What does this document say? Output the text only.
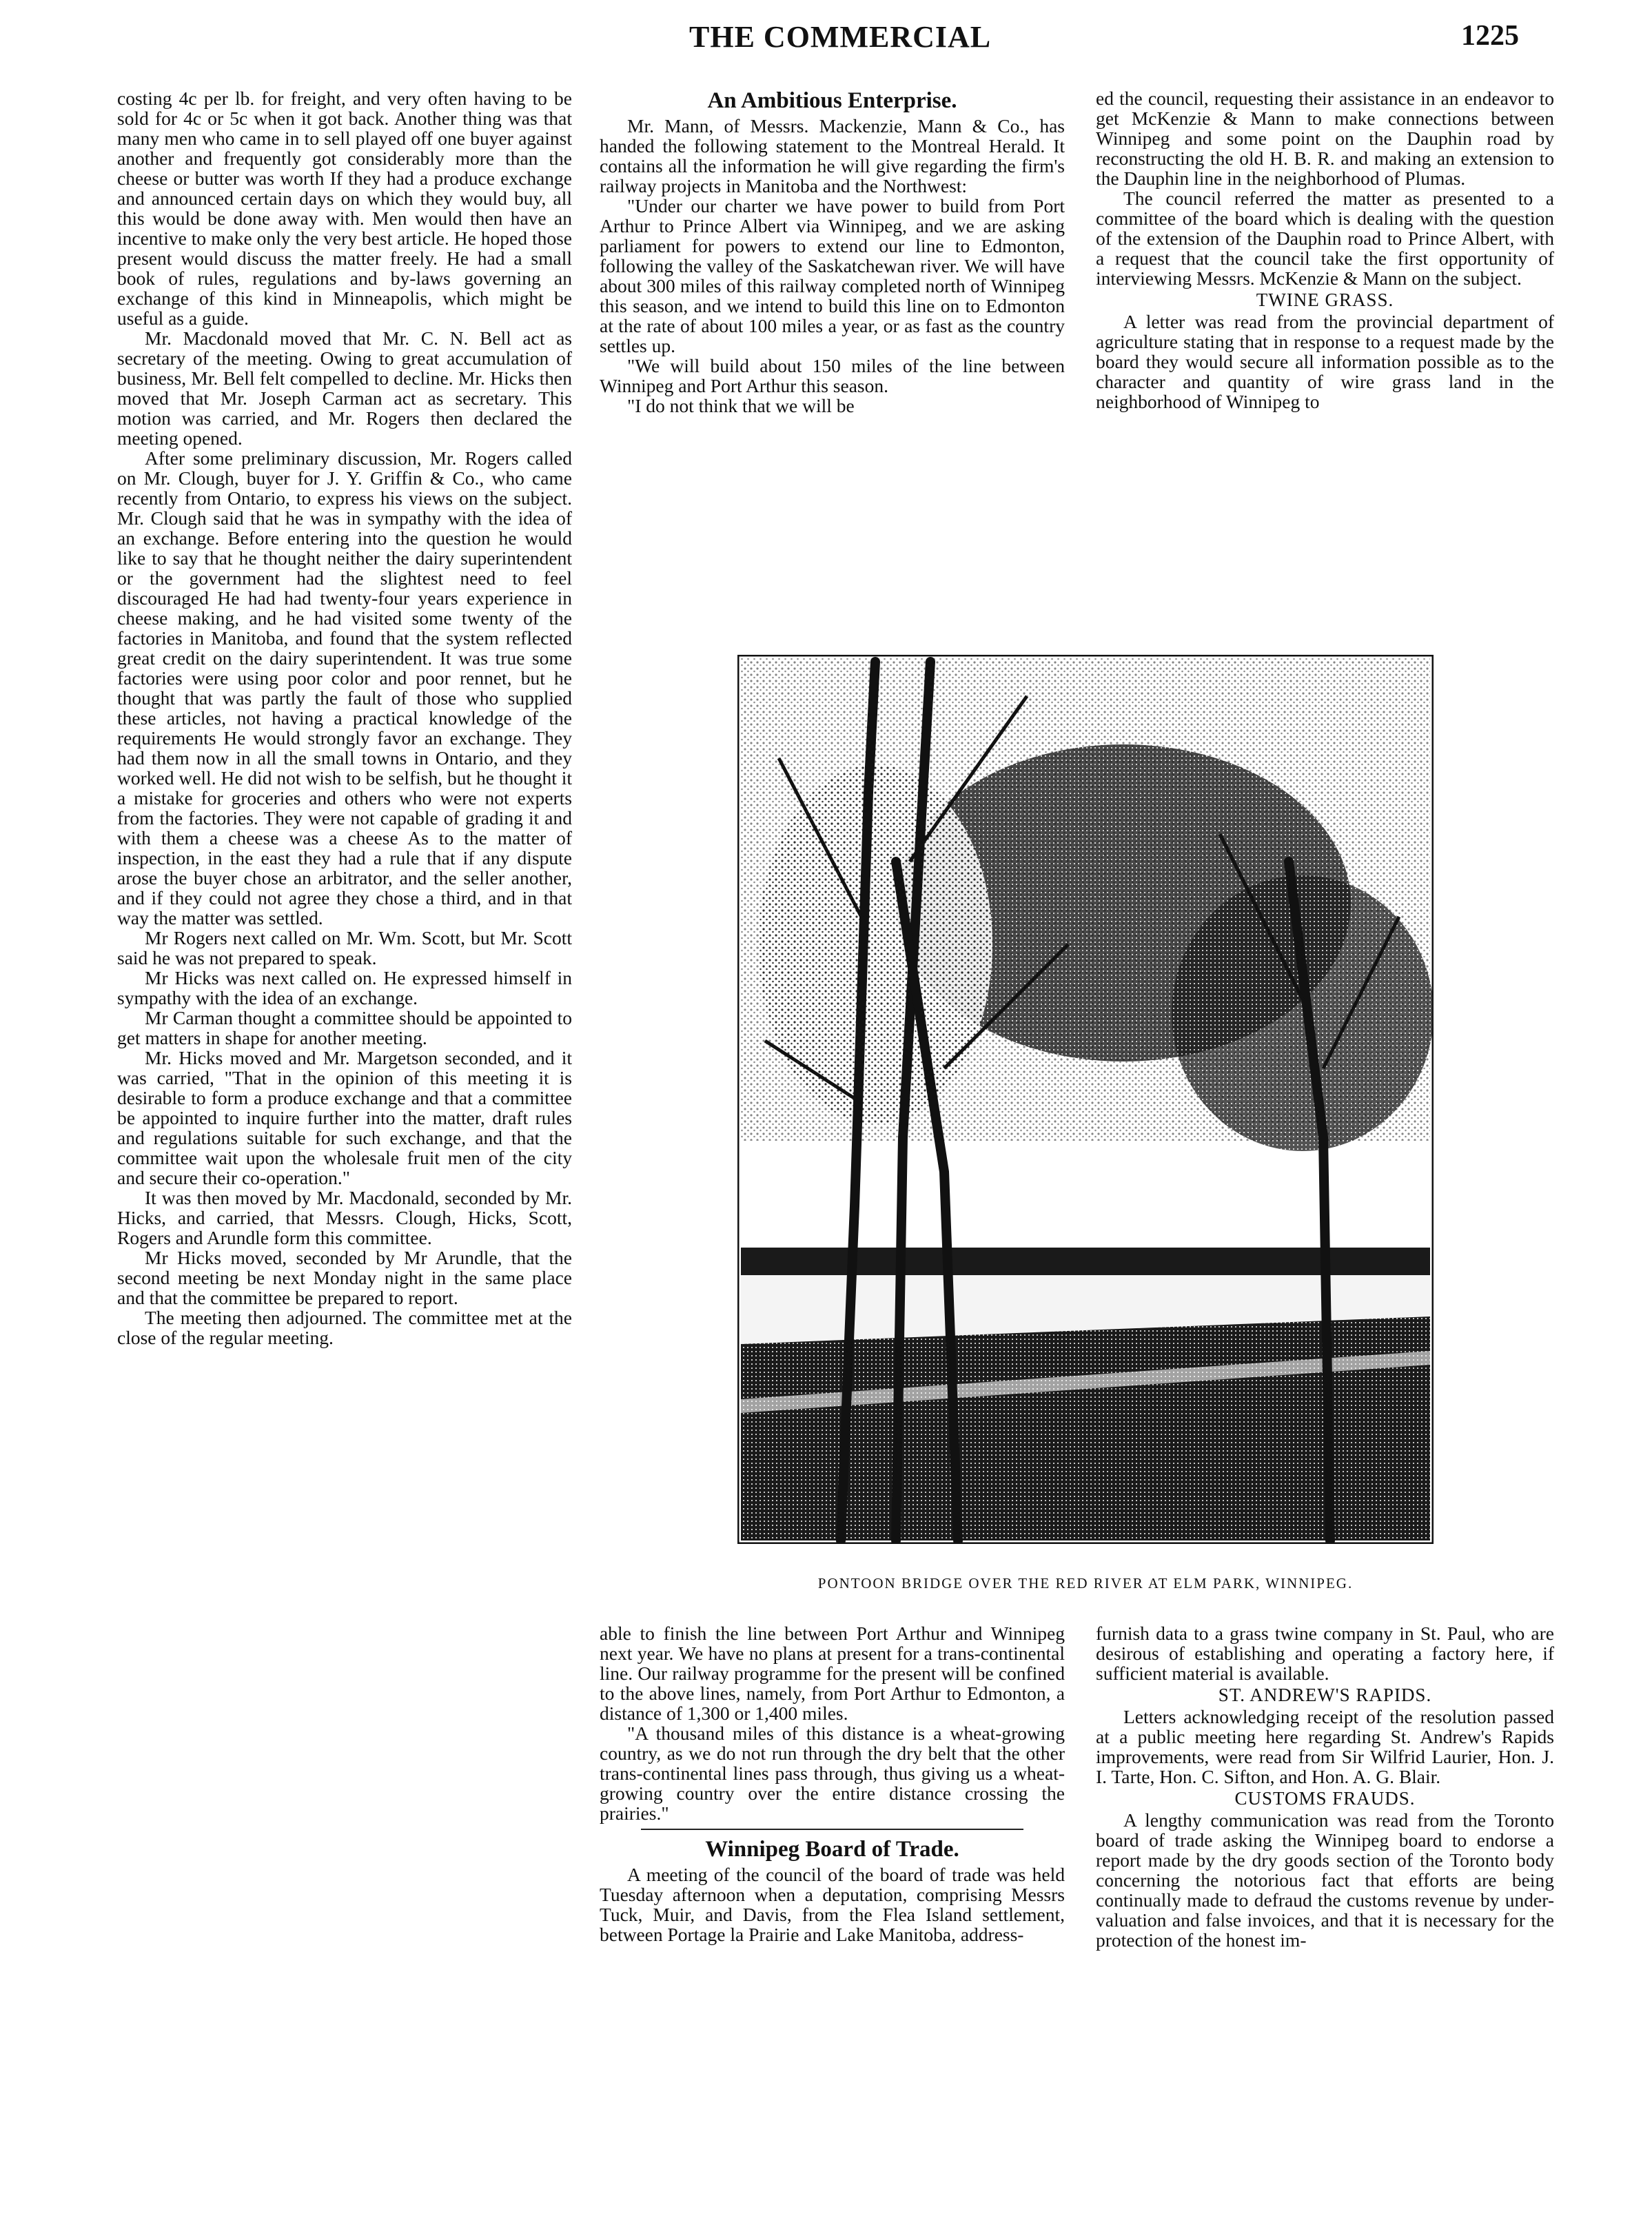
THE COMMERCIAL	1225

costing 4c per lb. for freight, and very often having to be sold for 4c or 5c when it got back. Another thing was that many men who came in to sell played off one buyer against another and frequently got considerably more than the cheese or butter was worth If they had a produce exchange and announced certain days on which they would buy, all this would be done away with. Men would then have an incentive to make only the very best article. He hoped those present would discuss the matter freely. He had a small book of rules, regulations and by-laws governing an exchange of this kind in Minneapolis, which might be useful as a guide.

Mr. Macdonald moved that Mr. C. N. Bell act as secretary of the meeting. Owing to great accumulation of business, Mr. Bell felt compelled to decline. Mr. Hicks then moved that Mr. Joseph Carman act as secretary. This motion was carried, and Mr. Rogers then declared the meeting opened.

After some preliminary discussion, Mr. Rogers called on Mr. Clough, buyer for J. Y. Griffin & Co., who came recently from Ontario, to express his views on the subject. Mr. Clough said that he was in sympathy with the idea of an exchange. Before entering into the question he would like to say that he thought neither the dairy superintendent or the government had the slightest need to feel discouraged He had had twenty-four years experience in cheese making, and he had visited some twenty of the factories in Manitoba, and found that the system reflected great credit on the dairy superintendent. It was true some factories were using poor color and poor rennet, but he thought that was partly the fault of those who supplied these articles, not having a practical knowledge of the requirements He would strongly favor an exchange. They had them now in all the small towns in Ontario, and they worked well. He did not wish to be selfish, but he thought it a mistake for groceries and others who were not experts from the factories. They were not capable of grading it and with them a cheese was a cheese As to the matter of inspection, in the east they had a rule that if any dispute arose the buyer chose an arbitrator, and the seller another, and if they could not agree they chose a third, and in that way the matter was settled.

Mr Rogers next called on Mr. Wm. Scott, but Mr. Scott said he was not prepared to speak.

Mr Hicks was next called on. He expressed himself in sympathy with the idea of an exchange.

Mr Carman thought a committee should be appointed to get matters in shape for another meeting.

Mr. Hicks moved and Mr. Margetson seconded, and it was carried, "That in the opinion of this meeting it is desirable to form a produce exchange and that a committee be appointed to inquire further into the matter, draft rules and regulations suitable for such exchange, and that the committee wait upon the wholesale fruit men of the city and secure their co-operation."

It was then moved by Mr. Macdonald, seconded by Mr. Hicks, and carried, that Messrs. Clough, Hicks, Scott, Rogers and Arundle form this committee.

Mr Hicks moved, seconded by Mr Arundle, that the second meeting be next Monday night in the same place and that the committee be prepared to report.

The meeting then adjourned. The committee met at the close of the regular meeting.

An Ambitious Enterprise.

Mr. Mann, of Messrs. Mackenzie, Mann & Co., has handed the following statement to the Montreal Herald. It contains all the information he will give regarding the firm's railway projects in Manitoba and the Northwest:

"Under our charter we have power to build from Port Arthur to Prince Albert via Winnipeg, and we are asking parliament for powers to extend our line to Edmonton, following the valley of the Saskatchewan river. We will have about 300 miles of this railway completed north of Winnipeg this season, and we intend to build this line on to Edmonton at the rate of about 100 miles a year, or as fast as the country settles up.

"We will build about 150 miles of the line between Winnipeg and Port Arthur this season.

"I do not think that we will be

ed the council, requesting their assistance in an endeavor to get McKenzie & Mann to make connections between Winnipeg and some point on the Dauphin road by reconstructing the old H. B. R. and making an extension to the Dauphin line in the neighborhood of Plumas.

The council referred the matter as presented to a committee of the board which is dealing with the question of the extension of the Dauphin road to Prince Albert, with a request that the council take the first opportunity of interviewing Messrs. McKenzie & Mann on the subject.

TWINE GRASS.

A letter was read from the provincial department of agriculture stating that in response to a request made by the board they would secure all information possible as to the character and quantity of wire grass land in the neighborhood of Winnipeg to

PONTOON BRIDGE OVER THE RED RIVER AT ELM PARK, WINNIPEG.

able to finish the line between Port Arthur and Winnipeg next year. We have no plans at present for a trans-continental line. Our railway programme for the present will be confined to the above lines, namely, from Port Arthur to Edmonton, a distance of 1,300 or 1,400 miles.

"A thousand miles of this distance is a wheat-growing country, as we do not run through the dry belt that the other trans-continental lines pass through, thus giving us a wheat-growing country over the entire distance crossing the prairies."

Winnipeg Board of Trade.

A meeting of the council of the board of trade was held Tuesday afternoon when a deputation, comprising Messrs Tuck, Muir, and Davis, from the Flea Island settlement, between Portage la Prairie and Lake Manitoba, address-

furnish data to a grass twine company in St. Paul, who are desirous of establishing and operating a factory here, if sufficient material is available.

ST. ANDREW'S RAPIDS.

Letters acknowledging receipt of the resolution passed at a public meeting here regarding St. Andrew's Rapids improvements, were read from Sir Wilfrid Laurier, Hon. J. I. Tarte, Hon. C. Sifton, and Hon. A. G. Blair.

CUSTOMS FRAUDS.

A lengthy communication was read from the Toronto board of trade asking the Winnipeg board to endorse a report made by the dry goods section of the Toronto body concerning the notorious fact that efforts are being continually made to defraud the customs revenue by under-valuation and false invoices, and that it is necessary for the protection of the honest im-
